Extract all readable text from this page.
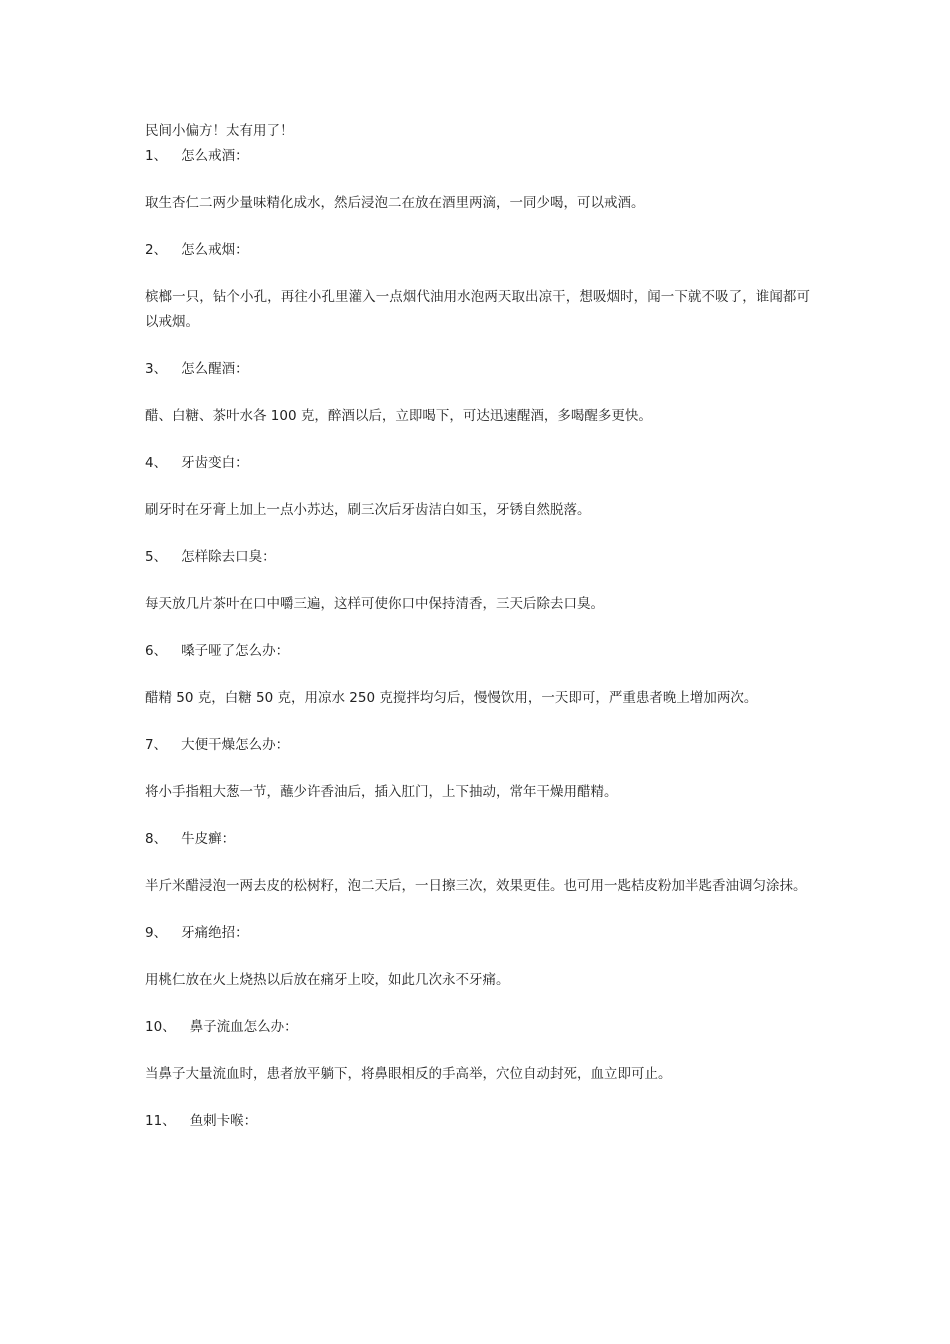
民间小偏方！太有用了！

1、 怎么戒酒：

取生杏仁二两少量味精化成水，然后浸泡二在放在酒里两滴，一同少喝，可以戒酒。

2、 怎么戒烟：

槟榔一只，钻个小孔，再往小孔里灌入一点烟代油用水泡两天取出凉干，想吸烟时，闻一下就不吸了，谁闻都可以戒烟。

3、 怎么醒酒：

醋、白糖、茶叶水各 100 克，醉酒以后，立即喝下，可达迅速醒酒，多喝醒多更快。

4、 牙齿变白：

刷牙时在牙膏上加上一点小苏达，刷三次后牙齿洁白如玉，牙锈自然脱落。

5、 怎样除去口臭：

每天放几片茶叶在口中嚼三遍，这样可使你口中保持清香，三天后除去口臭。

6、 嗓子哑了怎么办：

醋精 50 克，白糖 50 克，用凉水 250 克搅拌均匀后，慢慢饮用，一天即可，严重患者晚上增加两次。

7、 大便干燥怎么办：

将小手指粗大葱一节，蘸少许香油后，插入肛门，上下抽动，常年干燥用醋精。

8、 牛皮癣：

半斤米醋浸泡一两去皮的松树籽，泡二天后，一日擦三次，效果更佳。也可用一匙桔皮粉加半匙香油调匀涂抹。

9、 牙痛绝招：

用桃仁放在火上烧热以后放在痛牙上咬，如此几次永不牙痛。

10、 鼻子流血怎么办：

当鼻子大量流血时，患者放平躺下，将鼻眼相反的手高举，穴位自动封死，血立即可止。

11、 鱼刺卡喉：
